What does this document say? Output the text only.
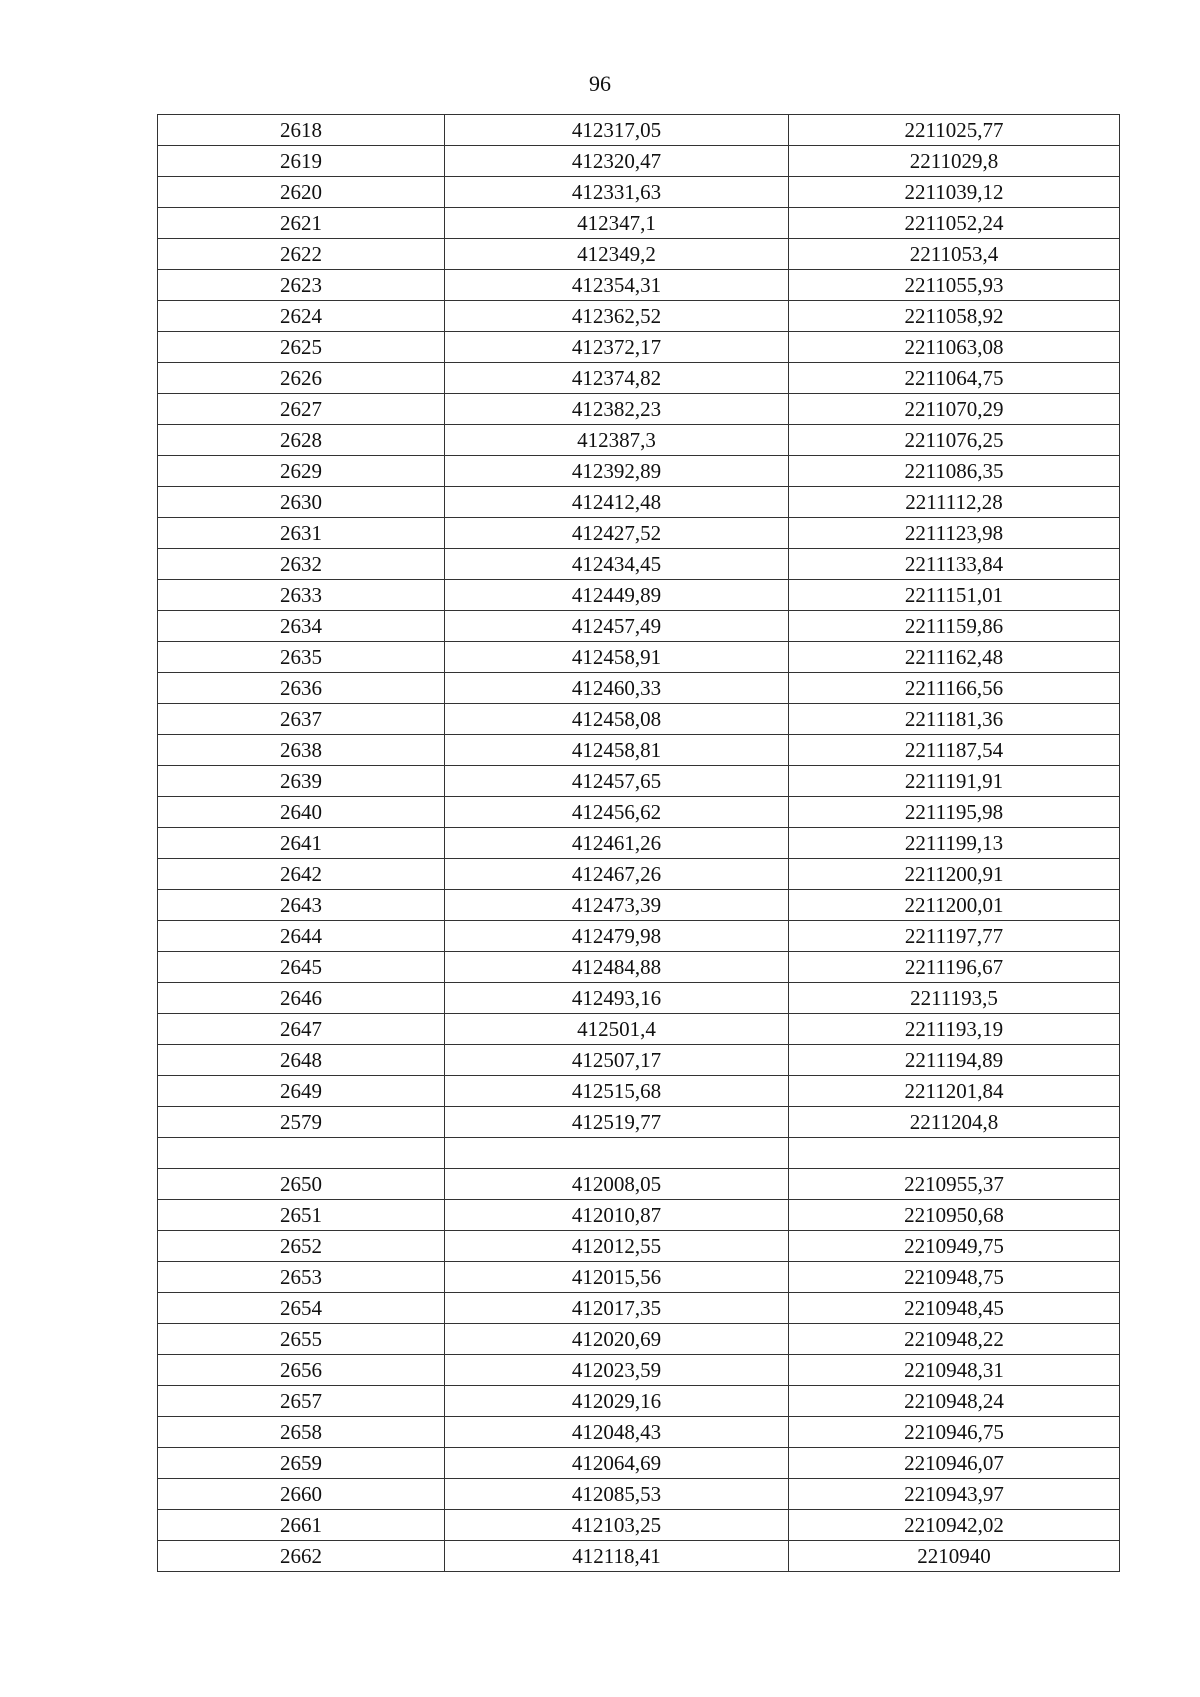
96
2618	412317,05	2211025,77
2619	412320,47	2211029,8
2620	412331,63	2211039,12
2621	412347,1	2211052,24
2622	412349,2	2211053,4
2623	412354,31	2211055,93
2624	412362,52	2211058,92
2625	412372,17	2211063,08
2626	412374,82	2211064,75
2627	412382,23	2211070,29
2628	412387,3	2211076,25
2629	412392,89	2211086,35
2630	412412,48	2211112,28
2631	412427,52	2211123,98
2632	412434,45	2211133,84
2633	412449,89	2211151,01
2634	412457,49	2211159,86
2635	412458,91	2211162,48
2636	412460,33	2211166,56
2637	412458,08	2211181,36
2638	412458,81	2211187,54
2639	412457,65	2211191,91
2640	412456,62	2211195,98
2641	412461,26	2211199,13
2642	412467,26	2211200,91
2643	412473,39	2211200,01
2644	412479,98	2211197,77
2645	412484,88	2211196,67
2646	412493,16	2211193,5
2647	412501,4	2211193,19
2648	412507,17	2211194,89
2649	412515,68	2211201,84
2579	412519,77	2211204,8

2650	412008,05	2210955,37
2651	412010,87	2210950,68
2652	412012,55	2210949,75
2653	412015,56	2210948,75
2654	412017,35	2210948,45
2655	412020,69	2210948,22
2656	412023,59	2210948,31
2657	412029,16	2210948,24
2658	412048,43	2210946,75
2659	412064,69	2210946,07
2660	412085,53	2210943,97
2661	412103,25	2210942,02
2662	412118,41	2210940
